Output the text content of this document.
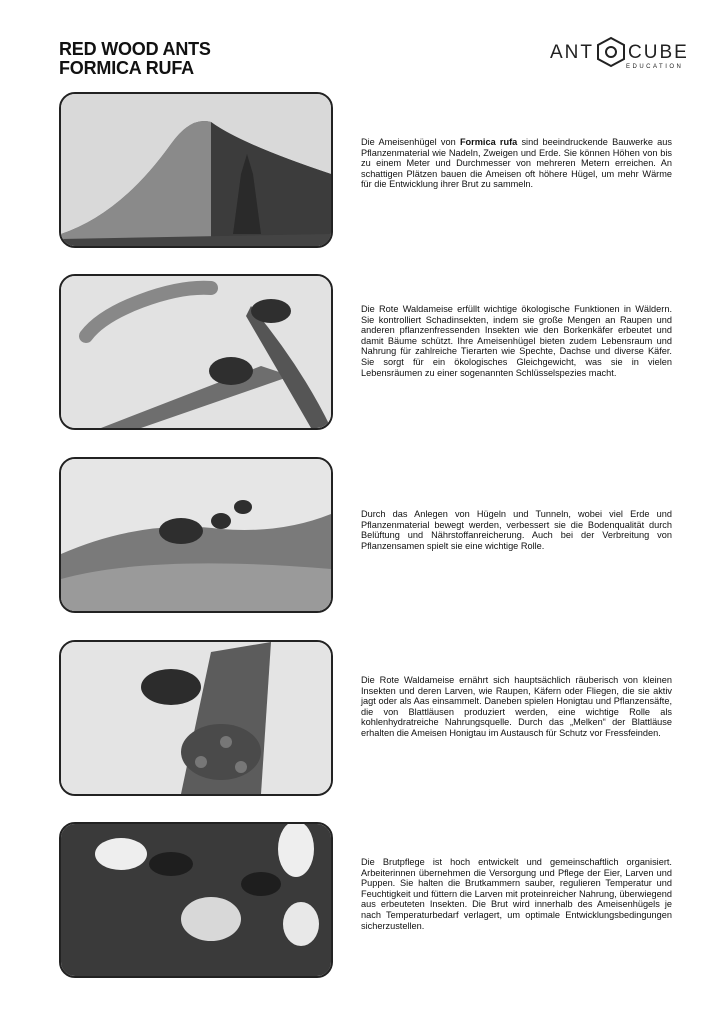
RED WOOD ANTS
FORMICA RUFA
ANT CUBE
EDUCATION
Die Ameisenhügel von Formica rufa sind beeindruckende Bauwerke aus Pflanzenmaterial wie Nadeln, Zweigen und Erde. Sie können Höhen von bis zu einem Meter und Durchmesser von mehreren Metern erreichen. An schattigen Plätzen bauen die Ameisen oft höhere Hügel, um mehr Wärme für die Entwicklung ihrer Brut zu sammeln.
Die Rote Waldameise erfüllt wichtige ökologische Funktionen in Wäldern. Sie kontrolliert Schadinsekten, indem sie große Mengen an Raupen und anderen pflanzenfressenden Insekten wie den Borkenkäfer erbeutet und damit Bäume schützt. Ihre Ameisenhügel bieten zudem Lebensraum und Nahrung für zahlreiche Tierarten wie Spechte, Dachse und diverse Käfer. Sie sorgt für ein ökologisches Gleichgewicht, was sie in vielen Lebensräumen zu einer sogenannten Schlüsselspezies macht.
Durch das Anlegen von Hügeln und Tunneln, wobei viel Erde und Pflanzenmaterial bewegt werden, verbessert sie die Bodenqualität durch Belüftung und Nährstoffanreicherung. Auch bei der Verbreitung von Pflanzensamen spielt sie eine wichtige Rolle.
Die Rote Waldameise ernährt sich hauptsächlich räuberisch von kleinen Insekten und deren Larven, wie Raupen, Käfern oder Fliegen, die sie aktiv jagt oder als Aas einsammelt. Daneben spielen Honigtau und Pflanzensäfte, die von Blattläusen produziert werden, eine wichtige Rolle als kohlenhydratreiche Nahrungsquelle. Durch das „Melken“ der Blattläuse erhalten die Ameisen Honigtau im Austausch für Schutz vor Fressfeinden.
Die Brutpflege ist hoch entwickelt und gemeinschaftlich organisiert. Arbeiterinnen übernehmen die Versorgung und Pflege der Eier, Larven und Puppen. Sie halten die Brutkammern sauber, regulieren Temperatur und Feuchtigkeit und füttern die Larven mit proteinreicher Nahrung, überwiegend aus erbeuteten Insekten. Die Brut wird innerhalb des Ameisenhügels je nach Temperaturbedarf verlagert, um optimale Entwicklungsbedingungen sicherzustellen.
